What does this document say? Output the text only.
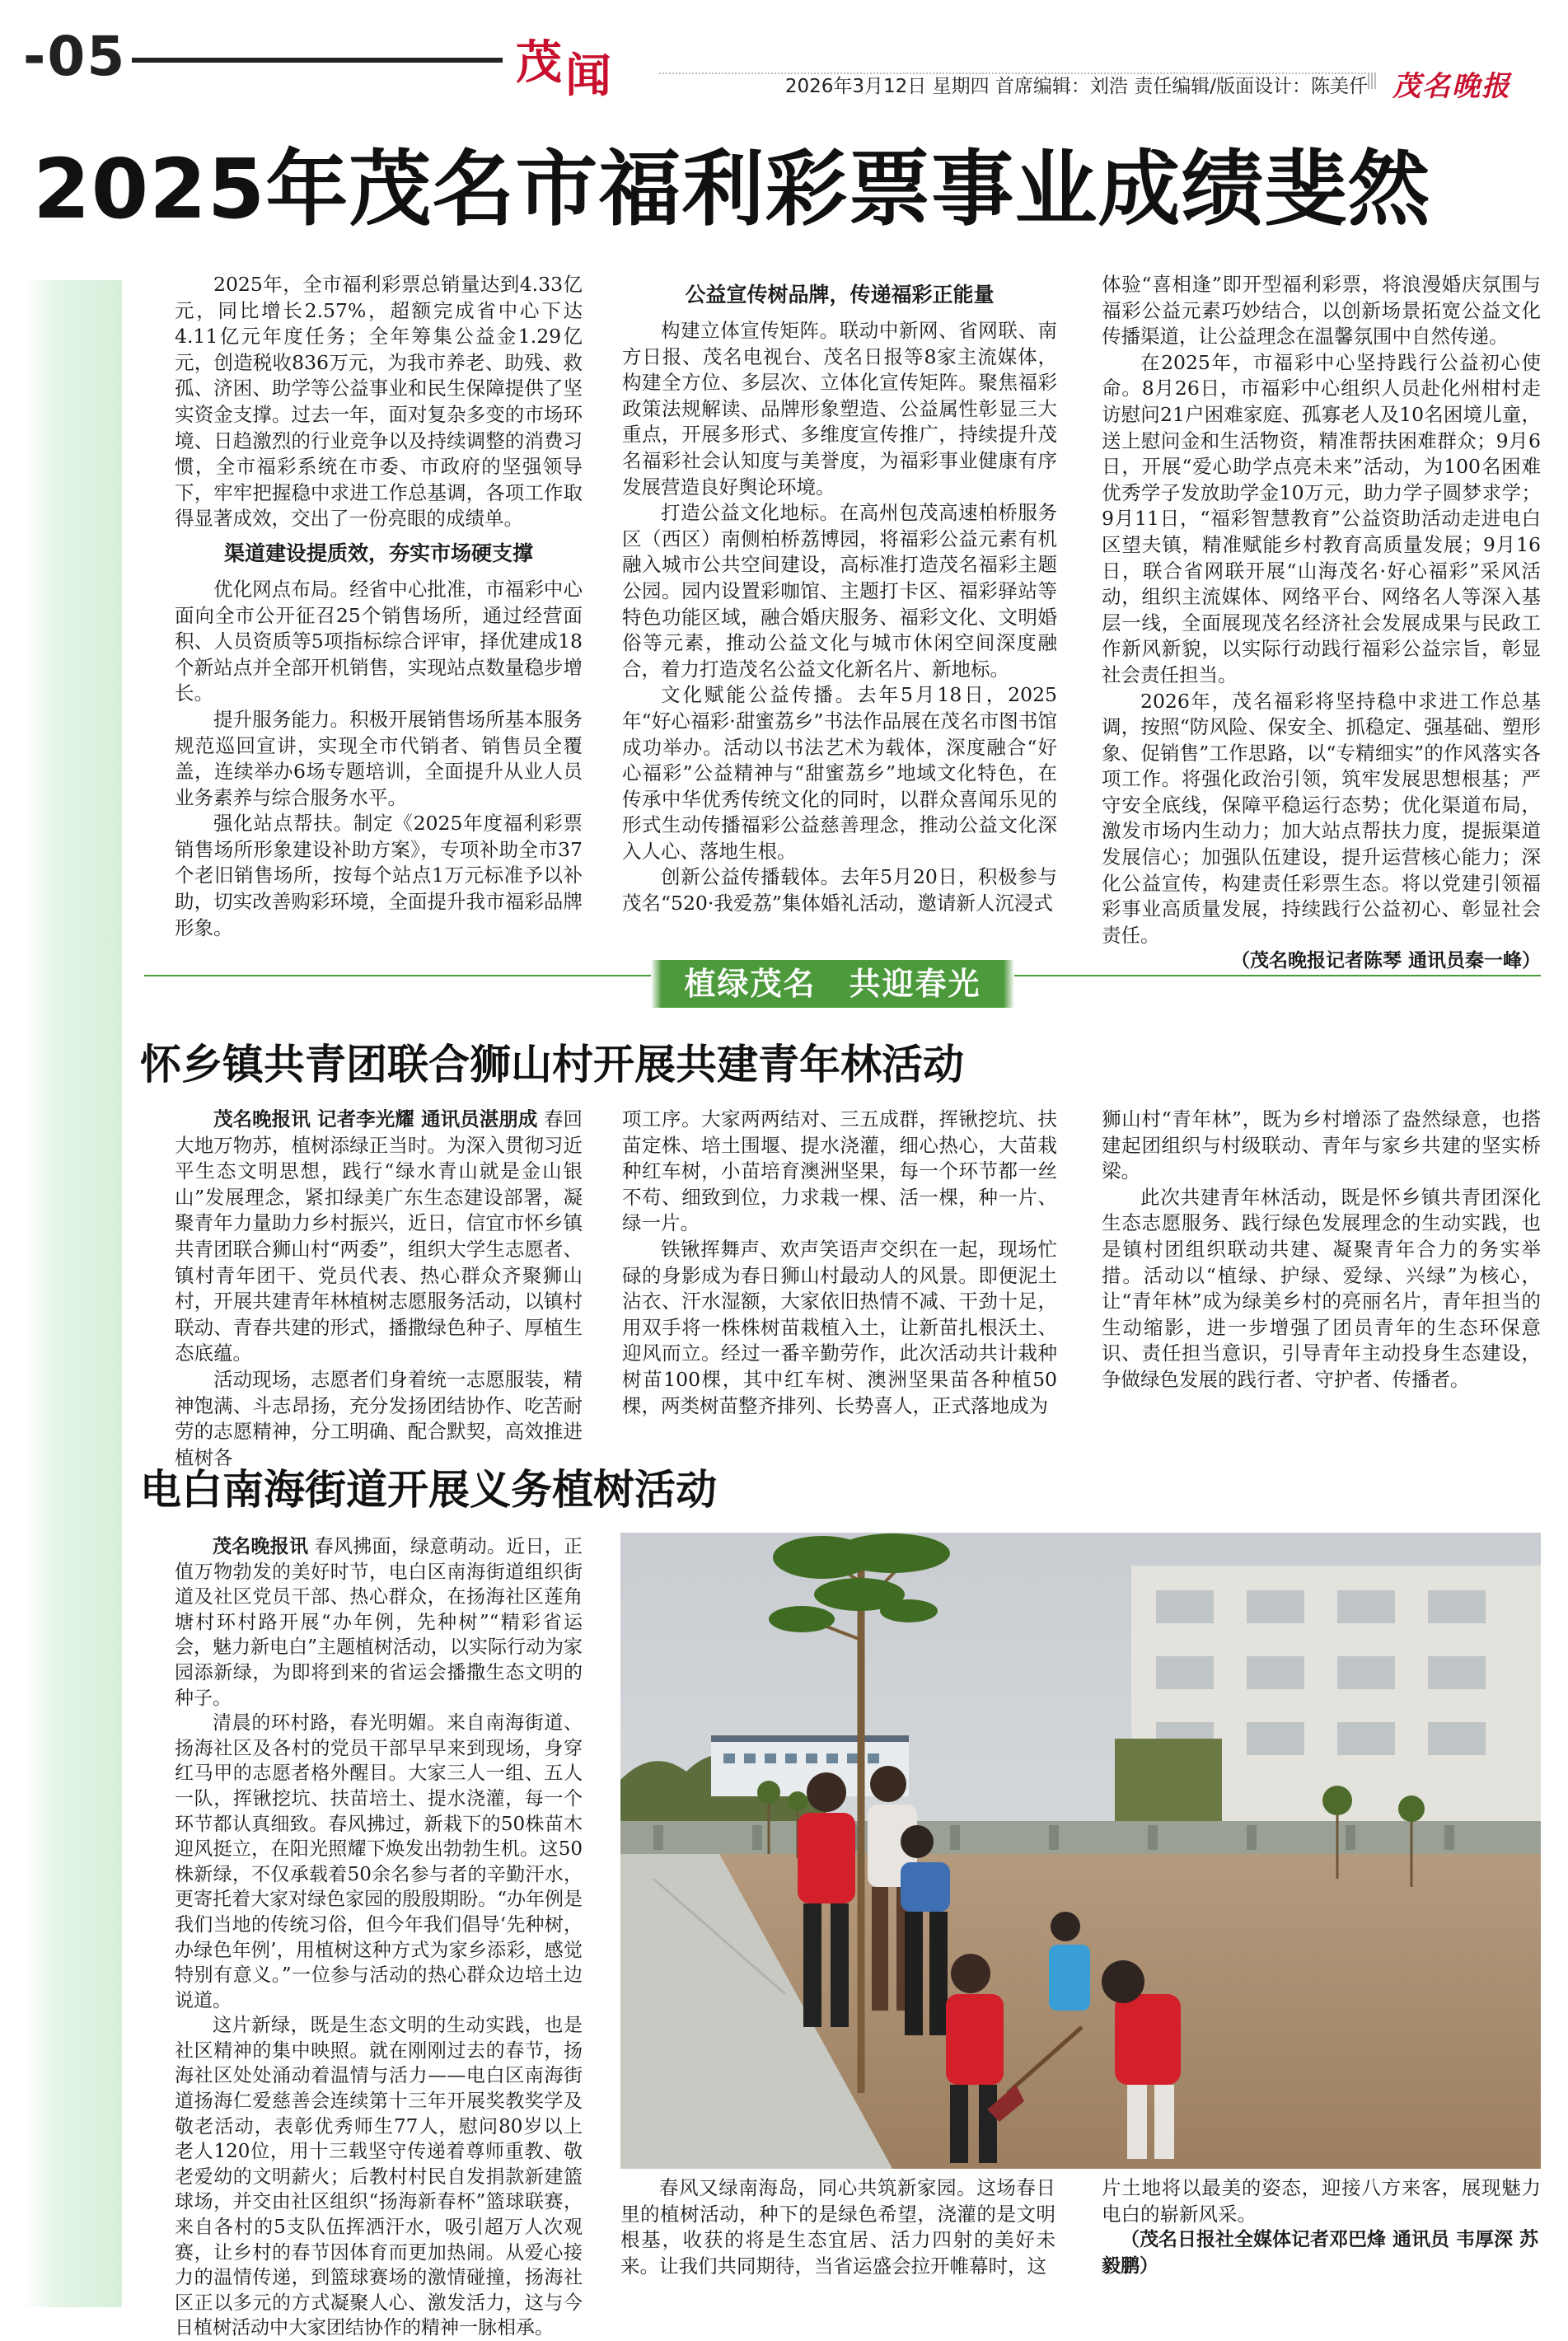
-05	茂闻	2026年3月12日 星期四 首席编辑：刘浩 责任编辑/版面设计：陈美仟 茂名晚报
2025年茂名市福利彩票事业成绩斐然

2025年，全市福利彩票总销量达到4.33亿元，同比增长2.57%，超额完成省中心下达4.11亿元年度任务；全年筹集公益金1.29亿元，创造税收836万元，为我市养老、助残、救孤、济困、助学等公益事业和民生保障提供了坚实资金支撑。过去一年，面对复杂多变的市场环境、日趋激烈的行业竞争以及持续调整的消费习惯，全市福彩系统在市委、市政府的坚强领导下，牢牢把握稳中求进工作总基调，各项工作取得显著成效，交出了一份亮眼的成绩单。

渠道建设提质效，夯实市场硬支撑

优化网点布局。经省中心批准，市福彩中心面向全市公开征召25个销售场所，通过经营面积、人员资质等5项指标综合评审，择优建成18个新站点并全部开机销售，实现站点数量稳步增长。

提升服务能力。积极开展销售场所基本服务规范巡回宣讲，实现全市代销者、销售员全覆盖，连续举办6场专题培训，全面提升从业人员业务素养与综合服务水平。

强化站点帮扶。制定《2025年度福利彩票销售场所形象建设补助方案》，专项补助全市37个老旧销售场所，按每个站点1万元标准予以补助，切实改善购彩环境，全面提升我市福彩品牌形象。

公益宣传树品牌，传递福彩正能量

构建立体宣传矩阵。联动中新网、省网联、南方日报、茂名电视台、茂名日报等8家主流媒体，构建全方位、多层次、立体化宣传矩阵。聚焦福彩政策法规解读、品牌形象塑造、公益属性彰显三大重点，开展多形式、多维度宣传推广，持续提升茂名福彩社会认知度与美誉度，为福彩事业健康有序发展营造良好舆论环境。

打造公益文化地标。在高州包茂高速柏桥服务区（西区）南侧柏桥荔博园，将福彩公益元素有机融入城市公共空间建设，高标准打造茂名福彩主题公园。园内设置彩咖馆、主题打卡区、福彩驿站等特色功能区域，融合婚庆服务、福彩文化、文明婚俗等元素，推动公益文化与城市休闲空间深度融合，着力打造茂名公益文化新名片、新地标。

文化赋能公益传播。去年5月18日，2025年“好心福彩·甜蜜荔乡”书法作品展在茂名市图书馆成功举办。活动以书法艺术为载体，深度融合“好心福彩”公益精神与“甜蜜荔乡”地域文化特色，在传承中华优秀传统文化的同时，以群众喜闻乐见的形式生动传播福彩公益慈善理念，推动公益文化深入人心、落地生根。

创新公益传播载体。去年5月20日，积极参与茂名“520·我爱荔”集体婚礼活动，邀请新人沉浸式

体验“喜相逢”即开型福利彩票，将浪漫婚庆氛围与福彩公益元素巧妙结合，以创新场景拓宽公益文化传播渠道，让公益理念在温馨氛围中自然传递。

在2025年，市福彩中心坚持践行公益初心使命。8月26日，市福彩中心组织人员赴化州柑村走访慰问21户困难家庭、孤寡老人及10名困境儿童，送上慰问金和生活物资，精准帮扶困难群众；9月6日，开展“爱心助学点亮未来”活动，为100名困难优秀学子发放助学金10万元，助力学子圆梦求学；9月11日，“福彩智慧教育”公益资助活动走进电白区望夫镇，精准赋能乡村教育高质量发展；9月16日，联合省网联开展“山海茂名·好心福彩”采风活动，组织主流媒体、网络平台、网络名人等深入基层一线，全面展现茂名经济社会发展成果与民政工作新风新貌，以实际行动践行福彩公益宗旨，彰显社会责任担当。

2026年，茂名福彩将坚持稳中求进工作总基调，按照“防风险、保安全、抓稳定、强基础、塑形象、促销售”工作思路，以“专精细实”的作风落实各项工作。将强化政治引领，筑牢发展思想根基；严守安全底线，保障平稳运行态势；优化渠道布局，激发市场内生动力；加大站点帮扶力度，提振渠道发展信心；加强队伍建设，提升运营核心能力；深化公益宣传，构建责任彩票生态。将以党建引领福彩事业高质量发展，持续践行公益初心、彰显社会责任。

（茂名晚报记者陈琴 通讯员秦一峰）
植绿茂名　共迎春光
怀乡镇共青团联合狮山村开展共建青年林活动

茂名晚报讯 记者李光耀 通讯员湛朋成 春回大地万物苏，植树添绿正当时。为深入贯彻习近平生态文明思想，践行“绿水青山就是金山银山”发展理念，紧扣绿美广东生态建设部署，凝聚青年力量助力乡村振兴，近日，信宜市怀乡镇共青团联合狮山村“两委”，组织大学生志愿者、镇村青年团干、党员代表、热心群众齐聚狮山村，开展共建青年林植树志愿服务活动，以镇村联动、青春共建的形式，播撒绿色种子、厚植生态底蕴。

活动现场，志愿者们身着统一志愿服装，精神饱满、斗志昂扬，充分发扬团结协作、吃苦耐劳的志愿精神，分工明确、配合默契，高效推进植树各

项工序。大家两两结对、三五成群，挥锹挖坑、扶苗定株、培土围堰、提水浇灌，细心热心，大苗栽种红车树，小苗培育澳洲坚果，每一个环节都一丝不苟、细致到位，力求栽一棵、活一棵，种一片、绿一片。

铁锹挥舞声、欢声笑语声交织在一起，现场忙碌的身影成为春日狮山村最动人的风景。即便泥土沾衣、汗水湿额，大家依旧热情不减、干劲十足，用双手将一株株树苗栽植入土，让新苗扎根沃土、迎风而立。经过一番辛勤劳作，此次活动共计栽种树苗100棵，其中红车树、澳洲坚果苗各种植50棵，两类树苗整齐排列、长势喜人，正式落地成为

狮山村“青年林”，既为乡村增添了盎然绿意，也搭建起团组织与村级联动、青年与家乡共建的坚实桥梁。

此次共建青年林活动，既是怀乡镇共青团深化生态志愿服务、践行绿色发展理念的生动实践，也是镇村团组织联动共建、凝聚青年合力的务实举措。活动以“植绿、护绿、爱绿、兴绿”为核心，让“青年林”成为绿美乡村的亮丽名片，青年担当的生动缩影，进一步增强了团员青年的生态环保意识、责任担当意识，引导青年主动投身生态建设，争做绿色发展的践行者、守护者、传播者。

电白南海街道开展义务植树活动

茂名晚报讯 春风拂面，绿意萌动。近日，正值万物勃发的美好时节，电白区南海街道组织街道及社区党员干部、热心群众，在扬海社区莲角塘村环村路开展“办年例，先种树”“精彩省运会，魅力新电白”主题植树活动，以实际行动为家园添新绿，为即将到来的省运会播撒生态文明的种子。

清晨的环村路，春光明媚。来自南海街道、扬海社区及各村的党员干部早早来到现场，身穿红马甲的志愿者格外醒目。大家三人一组、五人一队，挥锹挖坑、扶苗培土、提水浇灌，每一个环节都认真细致。春风拂过，新栽下的50株苗木迎风挺立，在阳光照耀下焕发出勃勃生机。这50株新绿，不仅承载着50余名参与者的辛勤汗水，更寄托着大家对绿色家园的殷殷期盼。“办年例是我们当地的传统习俗，但今年我们倡导‘先种树，办绿色年例’，用植树这种方式为家乡添彩，感觉特别有意义。”一位参与活动的热心群众边培土边说道。

这片新绿，既是生态文明的生动实践，也是社区精神的集中映照。就在刚刚过去的春节，扬海社区处处涌动着温情与活力——电白区南海街道扬海仁爱慈善会连续第十三年开展奖教奖学及敬老活动，表彰优秀师生77人，慰问80岁以上老人120位，用十三载坚守传递着尊师重教、敬老爱幼的文明薪火；后教村村民自发捐款新建篮球场，并交由社区组织“扬海新春杯”篮球联赛，来自各村的5支队伍挥洒汗水，吸引超万人次观赛，让乡村的春节因体育而更加热闹。从爱心接力的温情传递，到篮球赛场的激情碰撞，扬海社区正以多元的方式凝聚人心、激发活力，这与今日植树活动中大家团结协作的精神一脉相承。

春风又绿南海岛，同心共筑新家园。这场春日里的植树活动，种下的是绿色希望，浇灌的是文明根基，收获的将是生态宜居、活力四射的美好未来。让我们共同期待，当省运盛会拉开帷幕时，这

片土地将以最美的姿态，迎接八方来客，展现魅力电白的崭新风采。

（茂名日报社全媒体记者邓巴烽 通讯员 韦厚深 苏毅鹏）
